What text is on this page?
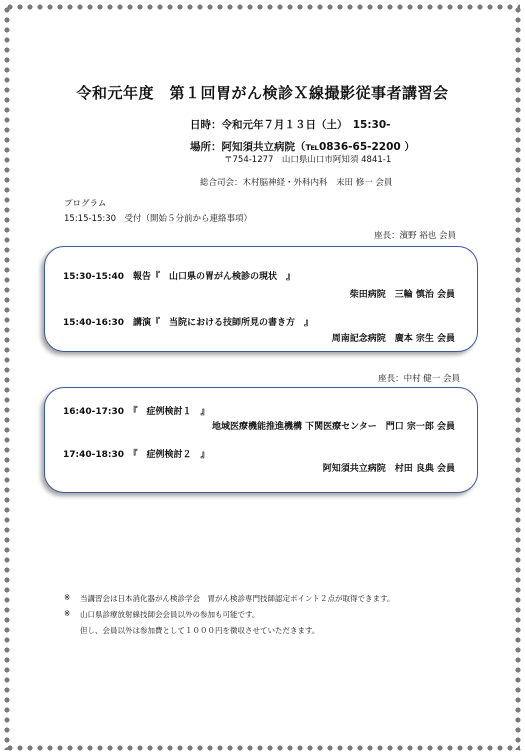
令和元年度　第１回胃がん検診Ｘ線撮影従事者講習会
日時：令和元年７月１３日（土）　15:30-
場所：阿知須共立病院（℡0836-65-2200 ）
〒754-1277　山口県山口市阿知須 4841-1
総合司会：木村脳神経・外科内科　末田 修一 会員
プログラム
15:15-15:30　受付（開始５分前から連絡事項）
座長：濱野 裕也 会員
15:30-15:40　報告『　山口県の胃がん検診の現状　』
柴田病院　三輪 慎治 会員
15:40-16:30　講演『　当院における技師所見の書き方　』
周南記念病院　廣本 宗生 会員
座長：中村 健一 会員
16:40-17:30　『　症例検討１　』
地域医療機能推進機構 下関医療センター　門口 宗一郎 会員
17:40-18:30　『　症例検討２　』
阿知須共立病院　村田 良典 会員
※ 当講習会は日本消化器がん検診学会　胃がん検診専門技師認定ポイント２点が取得できます。
※ 山口県診療放射線技師会会員以外の参加も可能です。
但し、会員以外は参加費として１０００円を徴収させていただきます。
